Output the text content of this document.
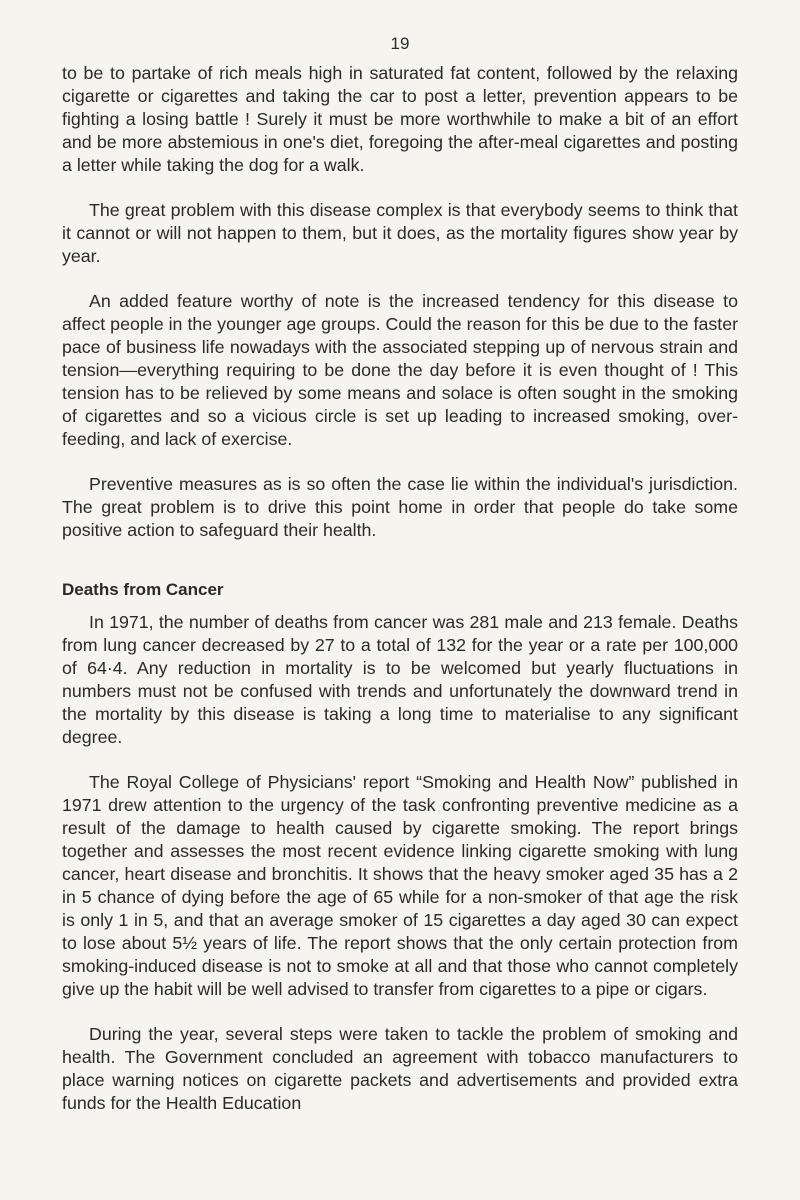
19

to be to partake of rich meals high in saturated fat content, followed by the relaxing cigarette or cigarettes and taking the car to post a letter, prevention appears to be fighting a losing battle ! Surely it must be more worthwhile to make a bit of an effort and be more abstemious in one's diet, foregoing the after-meal cigarettes and posting a letter while taking the dog for a walk.

The great problem with this disease complex is that everybody seems to think that it cannot or will not happen to them, but it does, as the mortality figures show year by year.

An added feature worthy of note is the increased tendency for this disease to affect people in the younger age groups. Could the reason for this be due to the faster pace of business life nowadays with the associated stepping up of nervous strain and tension—everything requiring to be done the day before it is even thought of ! This tension has to be relieved by some means and solace is often sought in the smoking of cigarettes and so a vicious circle is set up leading to increased smoking, over-feeding, and lack of exercise.

Preventive measures as is so often the case lie within the individual's jurisdiction. The great problem is to drive this point home in order that people do take some positive action to safeguard their health.

Deaths from Cancer

In 1971, the number of deaths from cancer was 281 male and 213 female. Deaths from lung cancer decreased by 27 to a total of 132 for the year or a rate per 100,000 of 64·4. Any reduction in mortality is to be welcomed but yearly fluctuations in numbers must not be confused with trends and unfortunately the downward trend in the mortality by this disease is taking a long time to materialise to any significant degree.

The Royal College of Physicians' report “Smoking and Health Now” published in 1971 drew attention to the urgency of the task confronting preventive medicine as a result of the damage to health caused by cigarette smoking. The report brings together and assesses the most recent evidence linking cigarette smoking with lung cancer, heart disease and bronchitis. It shows that the heavy smoker aged 35 has a 2 in 5 chance of dying before the age of 65 while for a non-smoker of that age the risk is only 1 in 5, and that an average smoker of 15 cigarettes a day aged 30 can expect to lose about 5½ years of life. The report shows that the only certain protection from smoking-induced disease is not to smoke at all and that those who cannot completely give up the habit will be well advised to transfer from cigarettes to a pipe or cigars.

During the year, several steps were taken to tackle the problem of smoking and health. The Government concluded an agreement with tobacco manufacturers to place warning notices on cigarette packets and advertisements and provided extra funds for the Health Education
